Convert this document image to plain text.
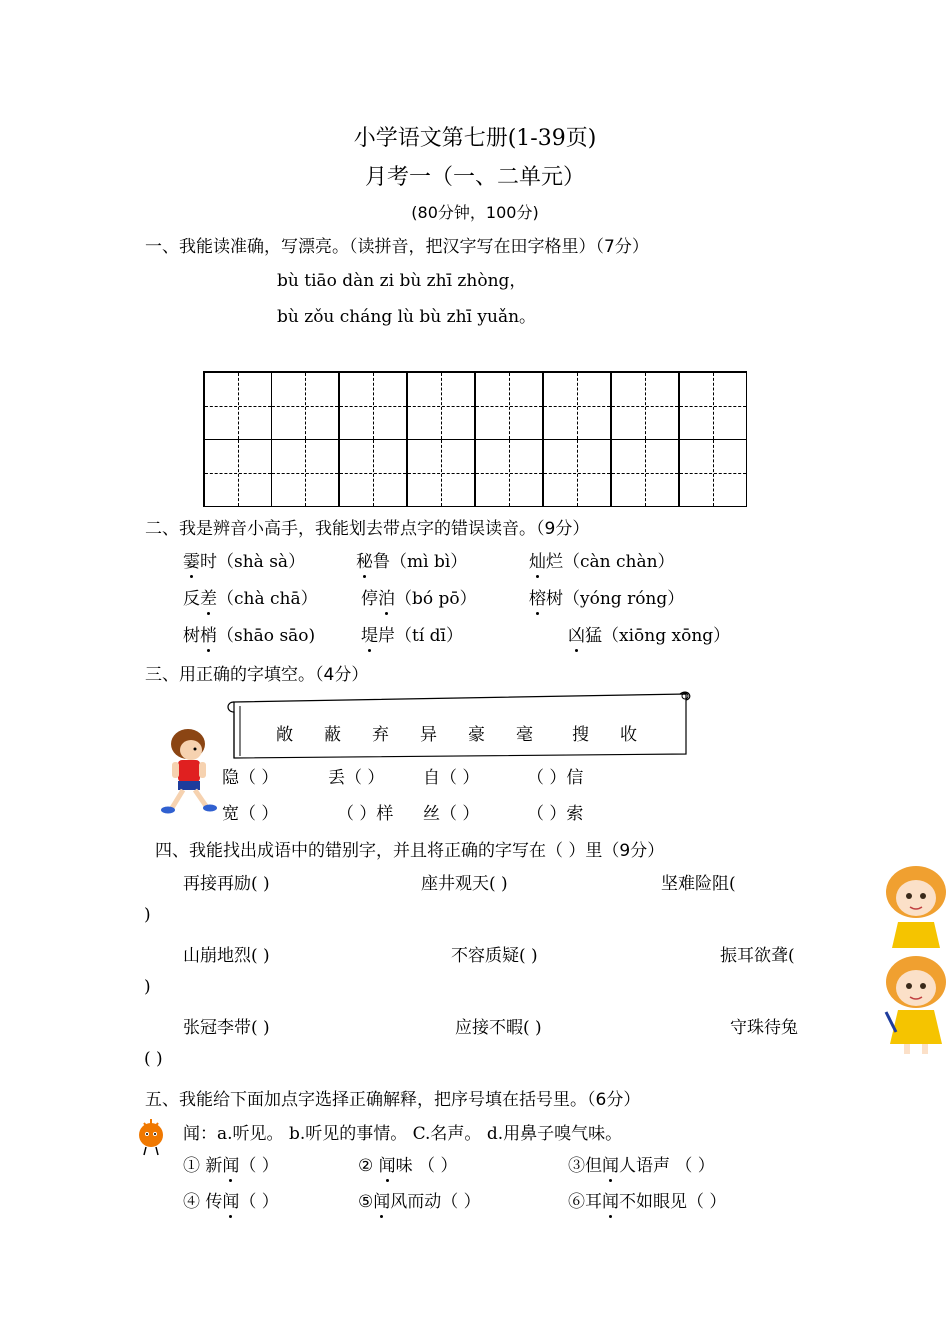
小学语文第七册(1-39页)
月考一（一、二单元）
(80分钟，100分)
一、我能读准确，写漂亮。（读拼音，把汉字写在田字格里）（7分）
bù tiāo dàn zi bù zhī zhòng，
bù zǒu cháng lù bù zhī yuǎn。
二、我是辨音小高手，我能划去带点字的错误读音。（9分）
霎时（shà sà）	秘鲁（mì bì）	灿烂（càn chàn）
反差（chà chā）	停泊（bó pō）	榕树（yóng róng）
树梢（shāo sāo)	堤岸（tí dī）	凶猛（xiōng xōng）
三、用正确的字填空。（4分）
敞 蔽 弃 异 豪 毫 搜 收
隐（ ）	丢（ ） 自（ ）	（ ）信
宽（ ）	（ ）样 丝（ ）	（ ）索
四、我能找出成语中的错别字，并且将正确的字写在（ ）里（9分）
再接再励( )	座井观天( )	坚难险阻(
)
山崩地烈( )	不容质疑( )	振耳欲聋(
)
张冠李带( )	应接不暇( )	守珠待兔
( )
五、我能给下面加点字选择正确解释，把序号填在括号里。（6分）
闻：a.听见。 b.听见的事情。 C.名声。 d.用鼻子嗅气味。
① 新闻（ ）	② 闻味 （ ）	③但闻人语声 （ ）
④ 传闻（ ）	⑤闻风而动（ ）	⑥耳闻不如眼见（ ）
